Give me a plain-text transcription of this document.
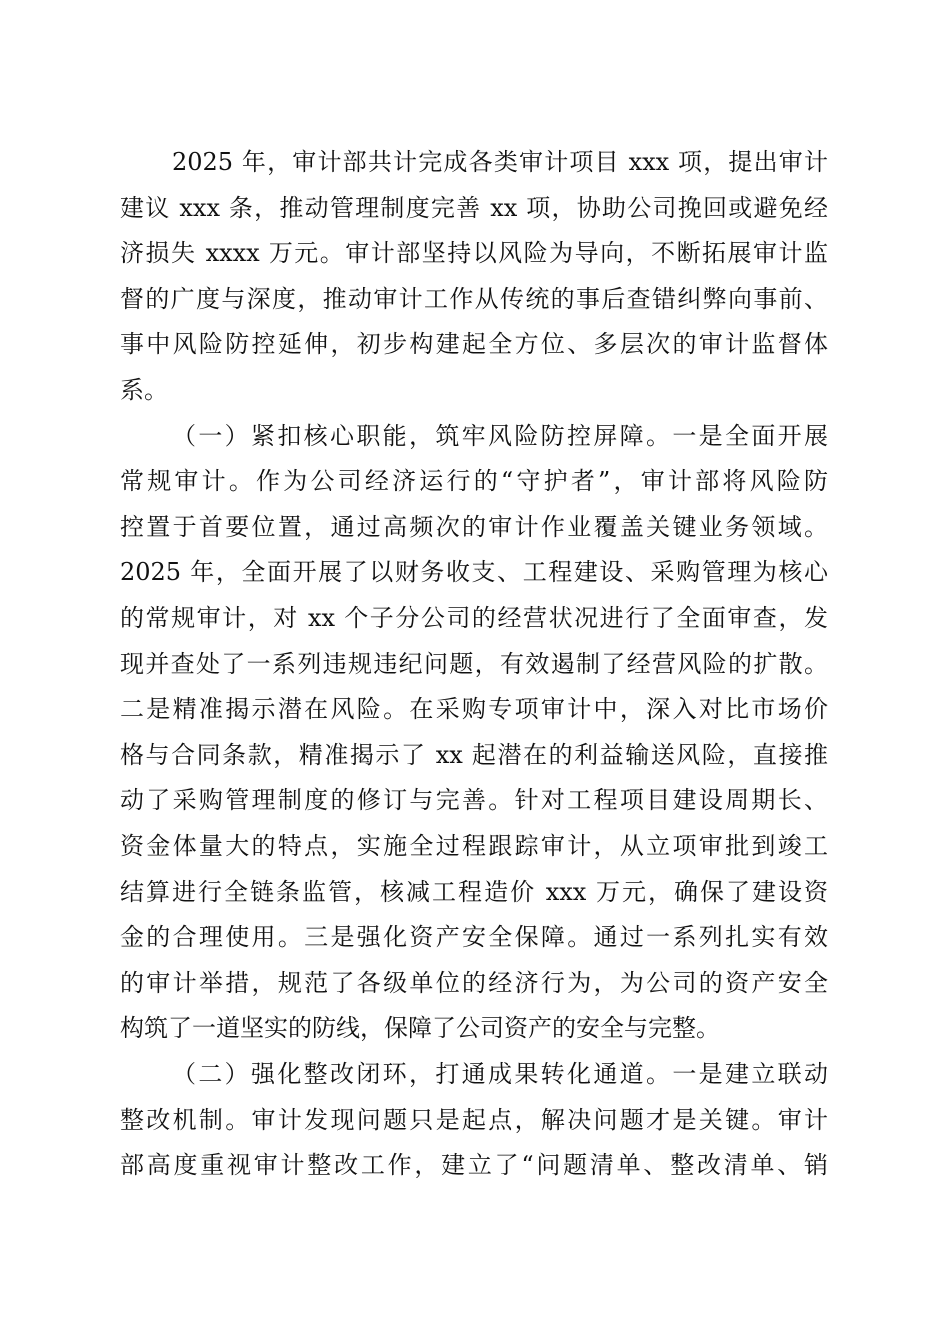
2025 年，审计部共计完成各类审计项目 xxx 项，提出审计
建议 xxx 条，推动管理制度完善 xx 项，协助公司挽回或避免经
济损失 xxxx 万元。审计部坚持以风险为导向，不断拓展审计监
督的广度与深度，推动审计工作从传统的事后查错纠弊向事前、
事中风险防控延伸，初步构建起全方位、多层次的审计监督体
系。
（一）紧扣核心职能，筑牢风险防控屏障。一是全面开展
常规审计。作为公司经济运行的“守护者”，审计部将风险防
控置于首要位置，通过高频次的审计作业覆盖关键业务领域。
2025 年，全面开展了以财务收支、工程建设、采购管理为核心
的常规审计，对 xx 个子分公司的经营状况进行了全面审查，发
现并查处了一系列违规违纪问题，有效遏制了经营风险的扩散。
二是精准揭示潜在风险。在采购专项审计中，深入对比市场价
格与合同条款，精准揭示了 xx 起潜在的利益输送风险，直接推
动了采购管理制度的修订与完善。针对工程项目建设周期长、
资金体量大的特点，实施全过程跟踪审计，从立项审批到竣工
结算进行全链条监管，核减工程造价 xxx 万元，确保了建设资
金的合理使用。三是强化资产安全保障。通过一系列扎实有效
的审计举措，规范了各级单位的经济行为，为公司的资产安全
构筑了一道坚实的防线，保障了公司资产的安全与完整。
（二）强化整改闭环，打通成果转化通道。一是建立联动
整改机制。审计发现问题只是起点，解决问题才是关键。审计
部高度重视审计整改工作，建立了“问题清单、整改清单、销
